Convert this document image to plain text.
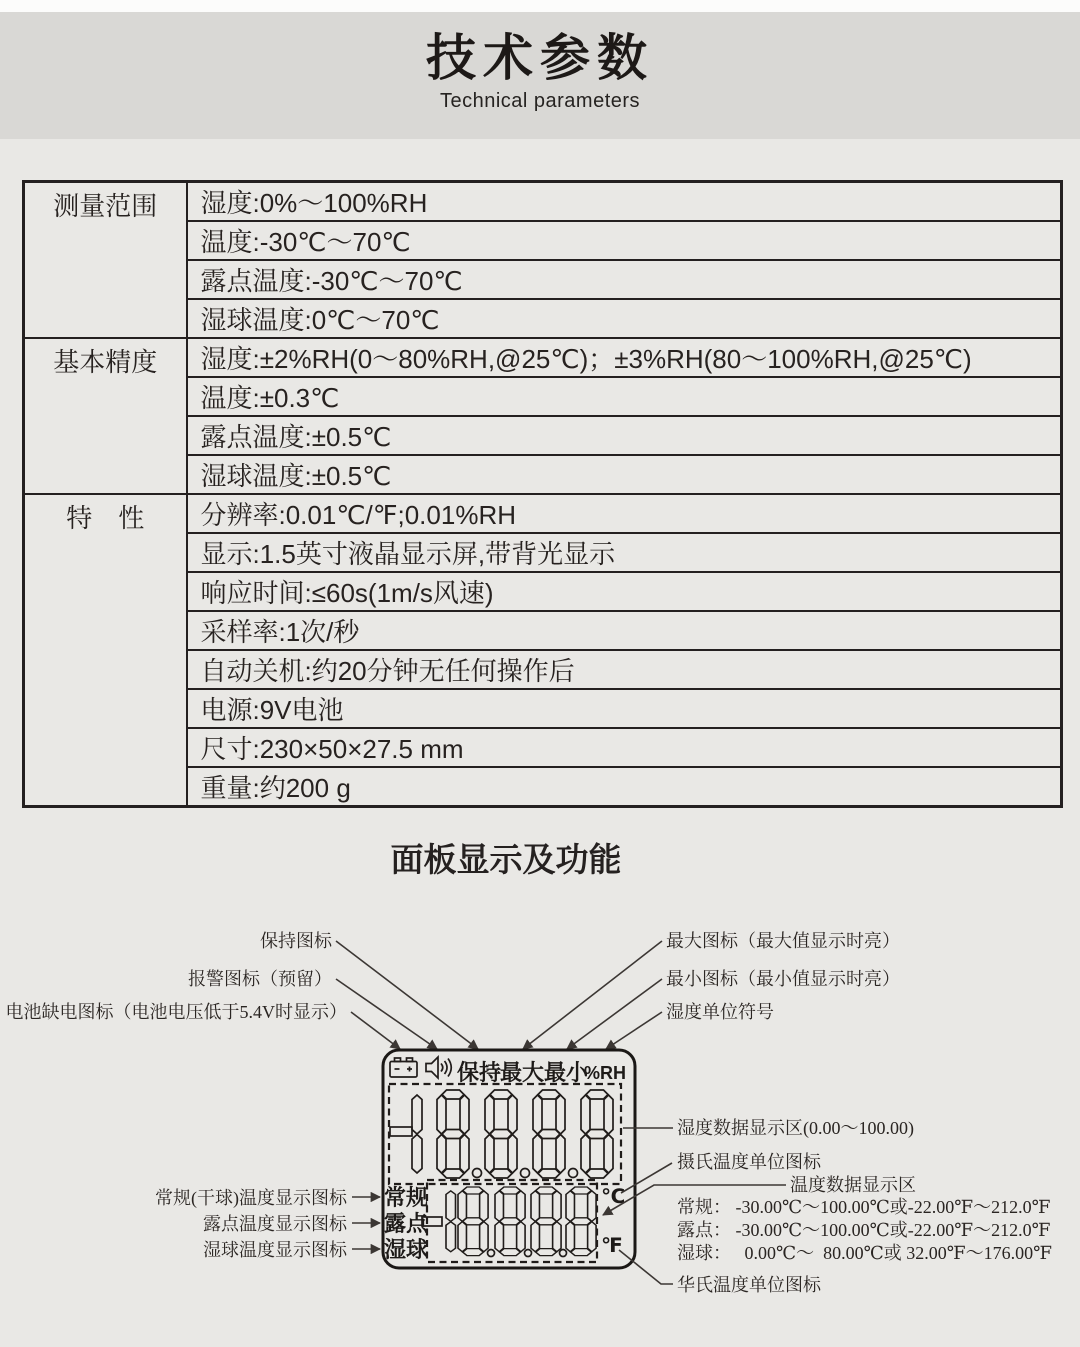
技术参数
Technical parameters
测量范围	湿度:0%～100%RH
	温度:-30℃～70℃
	露点温度:-30℃～70℃
	湿球温度:0℃～70℃
基本精度	湿度:±2%RH(0～80%RH,@25℃)；±3%RH(80～100%RH,@25℃)
	温度:±0.3℃
	露点温度:±0.5℃
	湿球温度:±0.5℃
特　性	分辨率:0.01℃/℉;0.01%RH
	显示:1.5英寸液晶显示屏,带背光显示
	响应时间:≤60s(1m/s风速)
	采样率:1次/秒
	自动关机:约20分钟无任何操作后
	电源:9V电池
	尺寸:230×50×27.5 mm
	重量:约200 g
面板显示及功能
保持图标
报警图标（预留）
电池缺电图标（电池电压低于5.4V时显示）
最大图标（最大值显示时亮）
最小图标（最小值显示时亮）
湿度单位符号
保持
最大 最小
%RH
常规
露点
湿球
℃
℉
湿度数据显示区(0.00～100.00)
摄氏温度单位图标
温度数据显示区
常规： -30.00℃～100.00℃或-22.00℉～212.0℉
露点： -30.00℃～100.00℃或-22.00℉～212.0℉
湿球：   0.00℃～  80.00℃或 32.00℉～176.00℉
华氏温度单位图标
常规(干球)温度显示图标
露点温度显示图标
湿球温度显示图标
